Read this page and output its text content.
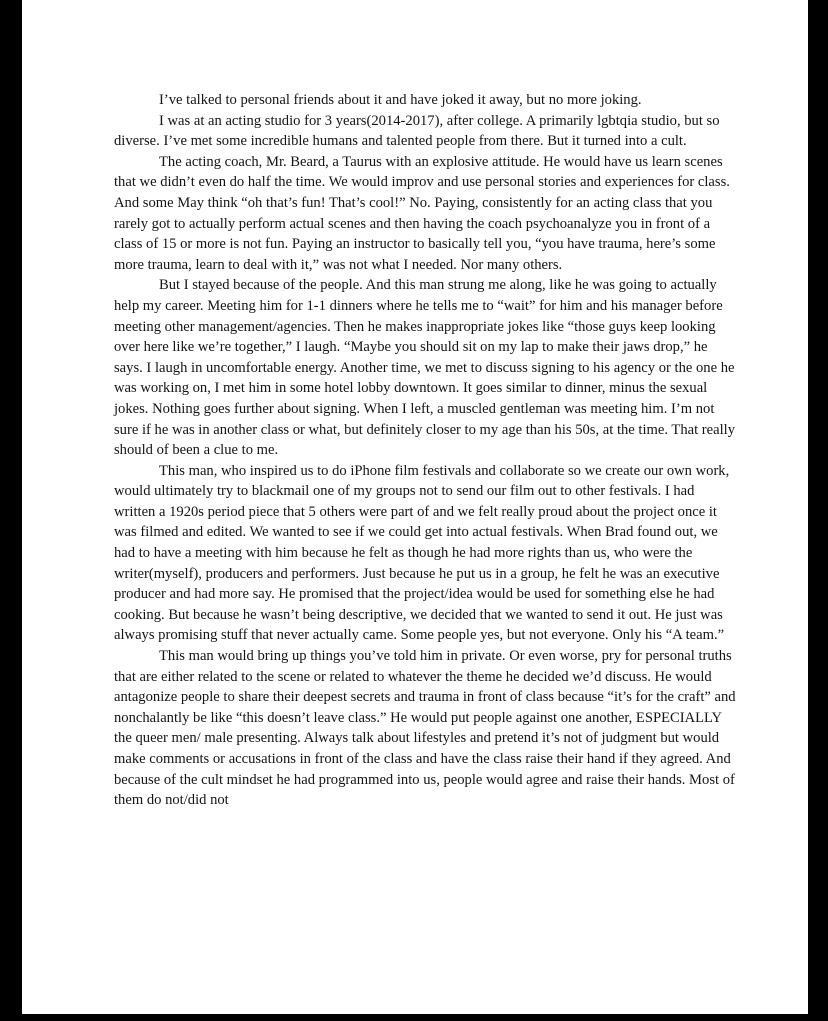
I’ve talked to personal friends about it and have joked it away, but no more joking.

I was at an acting studio for 3 years(2014-2017), after college. A primarily lgbtqia studio, but so diverse. I’ve met some incredible humans and talented people from there. But it turned into a cult.

The acting coach, Mr. Beard, a Taurus with an explosive attitude. He would have us learn scenes that we didn’t even do half the time. We would improv and use personal stories and experiences for class. And some May think “oh that’s fun! That’s cool!” No. Paying, consistently for an acting class that you rarely got to actually perform actual scenes and then having the coach psychoanalyze you in front of a class of 15 or more is not fun. Paying an instructor to basically tell you, “you have trauma, here’s some more trauma, learn to deal with it,” was not what I needed. Nor many others.

But I stayed because of the people. And this man strung me along, like he was going to actually help my career. Meeting him for 1-1 dinners where he tells me to “wait” for him and his manager before meeting other management/agencies. Then he makes inappropriate jokes like “those guys keep looking over here like we’re together,” I laugh. “Maybe you should sit on my lap to make their jaws drop,” he says. I laugh in uncomfortable energy. Another time, we met to discuss signing to his agency or the one he was working on, I met him in some hotel lobby downtown. It goes similar to dinner, minus the sexual jokes. Nothing goes further about signing. When I left, a muscled gentleman was meeting him. I’m not sure if he was in another class or what, but definitely closer to my age than his 50s, at the time. That really should of been a clue to me.

This man, who inspired us to do iPhone film festivals and collaborate so we create our own work, would ultimately try to blackmail one of my groups not to send our film out to other festivals. I had written a 1920s period piece that 5 others were part of and we felt really proud about the project once it was filmed and edited. We wanted to see if we could get into actual festivals. When Brad found out, we had to have a meeting with him because he felt as though he had more rights than us, who were the writer(myself), producers and performers. Just because he put us in a group, he felt he was an executive producer and had more say. He promised that the project/idea would be used for something else he had cooking. But because he wasn’t being descriptive, we decided that we wanted to send it out. He just was always promising stuff that never actually came. Some people yes, but not everyone. Only his “A team.”

This man would bring up things you’ve told him in private. Or even worse, pry for personal truths that are either related to the scene or related to whatever the theme he decided we’d discuss. He would antagonize people to share their deepest secrets and trauma in front of class because “it’s for the craft” and nonchalantly be like “this doesn’t leave class.” He would put people against one another, ESPECIALLY the queer men/ male presenting. Always talk about lifestyles and pretend it’s not of judgment but would make comments or accusations in front of the class and have the class raise their hand if they agreed. And because of the cult mindset he had programmed into us, people would agree and raise their hands. Most of them do not/did not
